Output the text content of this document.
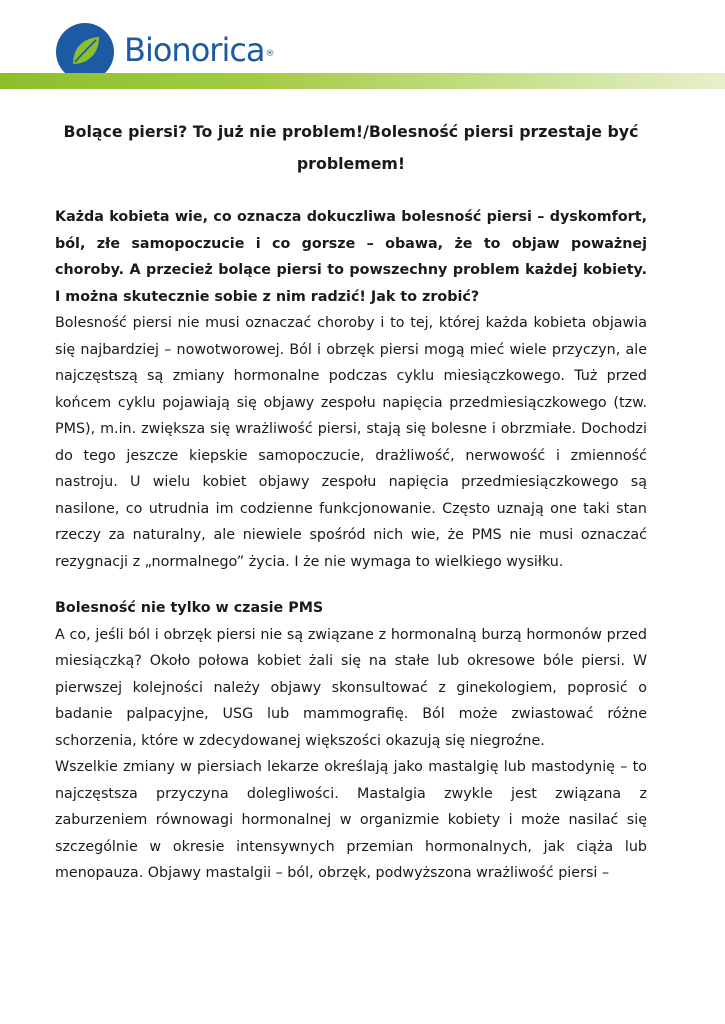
Bionorica®
Bolące piersi? To już nie problem!/Bolesność piersi przestaje być problemem!

Każda kobieta wie, co oznacza dokuczliwa bolesność piersi – dyskomfort, ból, złe samopoczucie i co gorsze – obawa, że to objaw poważnej choroby. A przecież bolące piersi to powszechny problem każdej kobiety. I można skutecznie sobie z nim radzić! Jak to zrobić?

Bolesność piersi nie musi oznaczać choroby i to tej, której każda kobieta objawia się najbardziej – nowotworowej. Ból i obrzęk piersi mogą mieć wiele przyczyn, ale najczęstszą są zmiany hormonalne podczas cyklu miesiączkowego. Tuż przed końcem cyklu pojawiają się objawy zespołu napięcia przedmiesiączkowego (tzw. PMS), m.in. zwiększa się wrażliwość piersi, stają się bolesne i obrzmiałe. Dochodzi do tego jeszcze kiepskie samopoczucie, drażliwość, nerwowość i zmienność nastroju. U wielu kobiet objawy zespołu napięcia przedmiesiączkowego są nasilone, co utrudnia im codzienne funkcjonowanie. Często uznają one taki stan rzeczy za naturalny, ale niewiele spośród nich wie, że PMS nie musi oznaczać rezygnacji z „normalnego” życia. I że nie wymaga to wielkiego wysiłku.

Bolesność nie tylko w czasie PMS

A co, jeśli ból i obrzęk piersi nie są związane z hormonalną burzą hormonów przed miesiączką? Około połowa kobiet żali się na stałe lub okresowe bóle piersi. W pierwszej kolejności należy objawy skonsultować z ginekologiem, poprosić o badanie palpacyjne, USG lub mammografię. Ból może zwiastować różne schorzenia, które w zdecydowanej większości okazują się niegroźne.

Wszelkie zmiany w piersiach lekarze określają jako mastalgię lub mastodynię – to najczęstsza przyczyna dolegliwości. Mastalgia zwykle jest związana z zaburzeniem równowagi hormonalnej w organizmie kobiety i może nasilać się szczególnie w okresie intensywnych przemian hormonalnych, jak ciąża lub menopauza. Objawy mastalgii – ból, obrzęk, podwyższona wrażliwość piersi –
